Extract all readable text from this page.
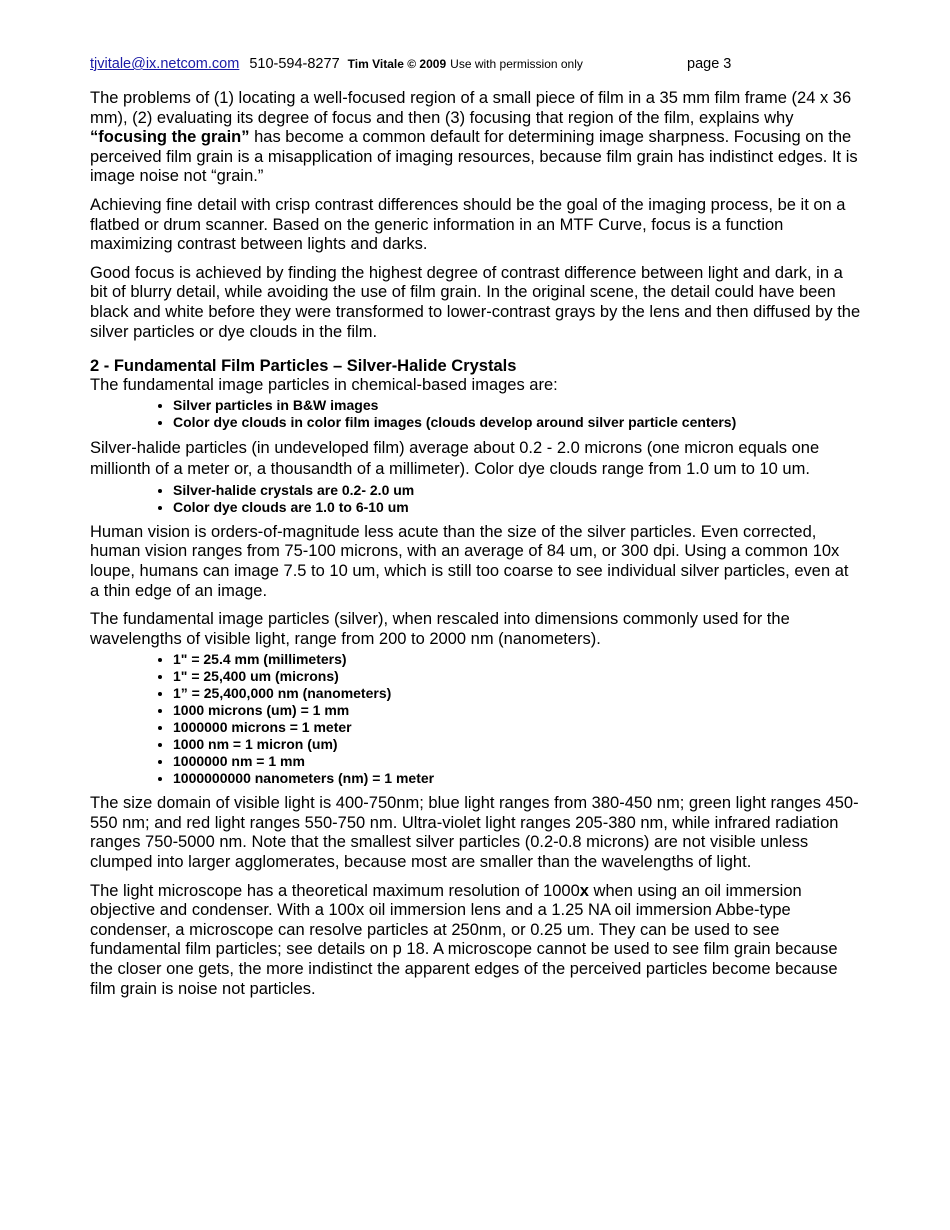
tjvitale@ix.netcom.com 510-594-8277 Tim Vitale © 2009 Use with permission only	page 3

The problems of (1) locating a well-focused region of a small piece of film in a 35 mm film frame (24 x 36 mm), (2) evaluating its degree of focus and then (3) focusing that region of the film, explains why “focusing the grain” has become a common default for determining image sharpness. Focusing on the perceived film grain is a misapplication of imaging resources, because film grain has indistinct edges. It is image noise not “grain.”

Achieving fine detail with crisp contrast differences should be the goal of the imaging process, be it on a flatbed or drum scanner. Based on the generic information in an MTF Curve, focus is a function maximizing contrast between lights and darks.

Good focus is achieved by finding the highest degree of contrast difference between light and dark, in a bit of blurry detail, while avoiding the use of film grain. In the original scene, the detail could have been black and white before they were transformed to lower-contrast grays by the lens and then diffused by the silver particles or dye clouds in the film.

2 - Fundamental Film Particles – Silver-Halide Crystals

The fundamental image particles in chemical-based images are:

• Silver particles in B&W images
• Color dye clouds in color film images (clouds develop around silver particle centers)

Silver-halide particles (in undeveloped film) average about 0.2 - 2.0 microns (one micron equals one millionth of a meter or, a thousandth of a millimeter). Color dye clouds range from 1.0 um to 10 um.

• Silver-halide crystals are 0.2- 2.0 um
• Color dye clouds are 1.0 to 6-10 um

Human vision is orders-of-magnitude less acute than the size of the silver particles. Even corrected, human vision ranges from 75-100 microns, with an average of 84 um, or 300 dpi. Using a common 10x loupe, humans can image 7.5 to 10 um, which is still too coarse to see individual silver particles, even at a thin edge of an image.

The fundamental image particles (silver), when rescaled into dimensions commonly used for the wavelengths of visible light, range from 200 to 2000 nm (nanometers).

• 1" = 25.4 mm (millimeters)
• 1" = 25,400 um (microns)
• 1” = 25,400,000 nm (nanometers)
• 1000 microns (um) = 1 mm
• 1000000 microns = 1 meter
• 1000 nm = 1 micron (um)
• 1000000 nm = 1 mm
• 1000000000 nanometers (nm) = 1 meter

The size domain of visible light is 400-750nm; blue light ranges from 380-450 nm; green light ranges 450-550 nm; and red light ranges 550-750 nm. Ultra-violet light ranges 205-380 nm, while infrared radiation ranges 750-5000 nm. Note that the smallest silver particles (0.2-0.8 microns) are not visible unless clumped into larger agglomerates, because most are smaller than the wavelengths of light.

The light microscope has a theoretical maximum resolution of 1000x when using an oil immersion objective and condenser. With a 100x oil immersion lens and a 1.25 NA oil immersion Abbe-type condenser, a microscope can resolve particles at 250nm, or 0.25 um. They can be used to see fundamental film particles; see details on p 18. A microscope cannot be used to see film grain because the closer one gets, the more indistinct the apparent edges of the perceived particles become because film grain is noise not particles.
